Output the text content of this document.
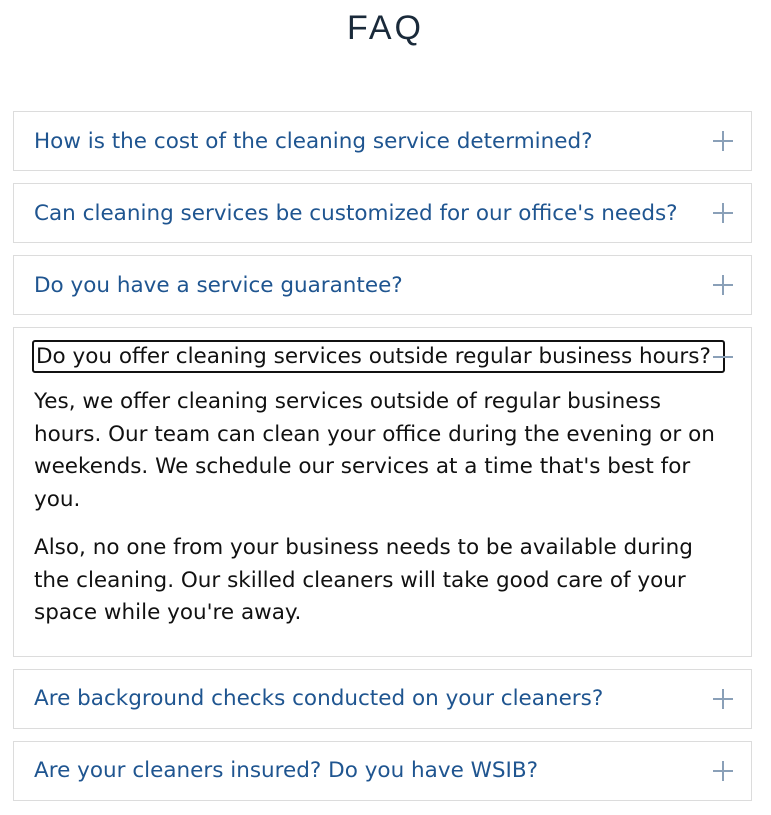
FAQ
How is the cost of the cleaning service determined?
Can cleaning services be customized for our office's needs?
Do you have a service guarantee?
Do you offer cleaning services outside regular business hours?

Yes, we offer cleaning services outside of regular business hours. Our team can clean your office during the evening or on weekends. We schedule our services at a time that's best for you.

Also, no one from your business needs to be available during the cleaning. Our skilled cleaners will take good care of your space while you're away.

Are background checks conducted on your cleaners?
Are your cleaners insured? Do you have WSIB?
